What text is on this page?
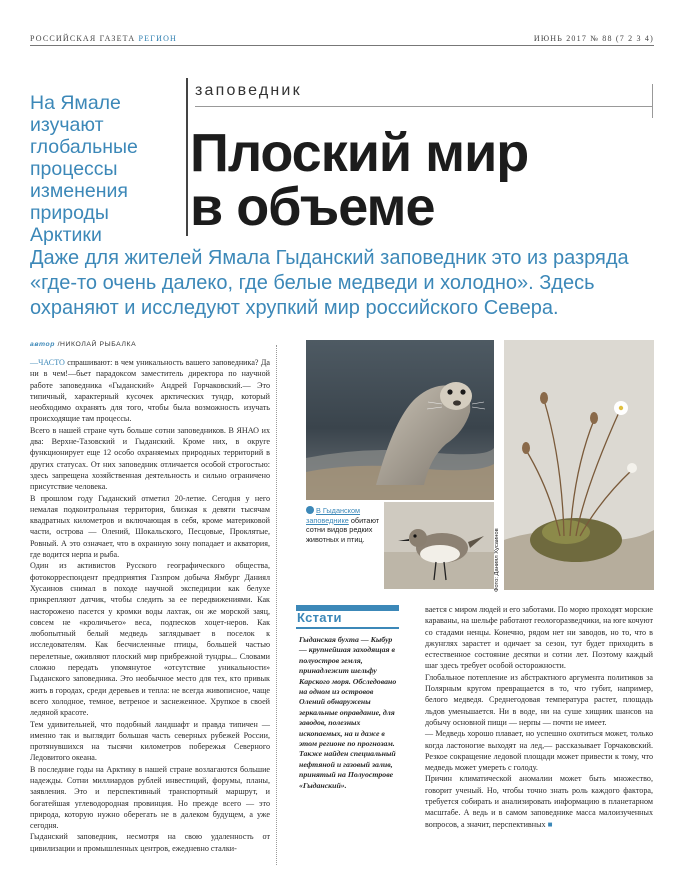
РОССИЙСКАЯ ГАЗЕТА РЕГИОН	ИЮНЬ 2017 № 88 (7 2 3 4)
На Ямале изучают глобальные процессы изменения природы Арктики
заповедник
Плоский мир
в объеме
Даже для жителей Ямала Гыданский заповедник это из разряда «где-то очень далеко, где белые медведи и холодно». Здесь охраняют и исследуют хрупкий мир российского Севера.
автор /НИКОЛАЙ РЫБАЛКА

—ЧАСТО спрашивают: в чем уникальность вашего заповедника? Да ни в чем!—бьет парадоксом заместитель директора по научной работе заповедника «Гыданский» Андрей Горчаковский.— Это типичный, характерный кусочек арктических тундр, который необходимо охранять для того, чтобы была возможность изучать происходящие там процессы.

Всего в нашей стране чуть больше сотни заповедников. В ЯНАО их два: Верхне-Тазовский и Гыданский. Кроме них, в округе функционирует еще 12 особо охраняемых природных территорий в других статусах. От них заповедник отличается особой строгостью: здесь запрещена хозяйственная деятельность и сильно ограничено присутствие человека.

В прошлом году Гыданский отметил 20-летие. Сегодня у него немалая подконтрольная территория, близкая к девяти тысячам квадратных километров и включающая в себя, кроме материковой части, острова — Олений, Шокальского, Песцовые, Проклятые, Ровный. А это означает, что в охранную зону попадает и акватория, где водится нерпа и рыба.

Один из активистов Русского географического общества, фотокорреспондент предприятия Газпром добыча Ямбург Даниял Хусаинов снимал в походе научной экспедиции как белухе прикрепляют датчик, чтобы следить за ее передвижениями. Как насторожено пасется у кромки воды лахтак, он же морской заяц, совсем не «кроличьего» веса, подпесков хоцет-неров. Как любопытный белый медведь заглядывает в поселок к исследователям. Как бесчисленные птицы, большей частью перелетные, оживляют плоский мир прибрежной тундры... Словами сложно передать упомянутое «отсутствие уникальности» Гыданского заповедника. Это необычное место для тех, кто привык жить в городах, среди деревьев и тепла: не всегда живописное, чаще всего холодное, темное, ветреное и заснеженное. Хрупкое в своей ледяной красоте.

Тем удивительней, что подобный ландшафт и правда типичен — именно так и выглядит большая часть северных рубежей России, протянувшихся на тысячи километров побережья Северного Ледовитого океана.

В последние годы на Арктику в нашей стране возлагаются большие надежды. Сотни миллиардов рублей инвестиций, форумы, планы, заявления. Это и перспективный транспортный маршрут, и богатейшая углеводородная провинция. Но прежде всего — это природа, которую нужно оберегать не в далеком будущем, а уже сегодня.

Гыданский заповедник, несмотря на свою удаленность от цивилизации и промышленных центров, ежедневно сталки-

В Гыданском заповеднике обитают сотни видов редких животных и птиц.	Фото: Даниял Хусаинов
Кстати
Гыданская бухта — Кыбур — крупнейшая заходящая в полуостров земля, принадлежит шельфу Карского моря. Обследовано на одном из островов Олений обнаружены зеркальные оправдание, для заводов, полезных ископаемых, на и даже в этом регионе по прогнозам. Также найден специальный нефтяной и газовый залив, принятый на Полуострове «Гыданский».

вается с миром людей и его заботами. По морю проходят морские караваны, на шельфе работают геологоразведчики, на юге кочуют со стадами ненцы. Конечно, рядом нет ни заводов, но то, что в джунглях зарастет и одичает за сезон, тут будет приходить в естественное состояние десятки и сотни лет. Поэтому каждый шаг здесь требует особой осторожности.

Глобальное потепление из абстрактного аргумента политиков за Полярным кругом превращается в то, что губит, например, белого медведя. Среднегодовая температура растет, площадь льдов уменьшается. Ни в воде, ни на суше хищник шансов на добычу основной пищи — нерпы — почти не имеет.

— Медведь хорошо плавает, но успешно охотиться может, только когда ластоногие выходят на лед,— рассказывает Горчаковский. Резкое сокращение ледовой площади может привести к тому, что медведь может умереть с голоду.

Причин климатической аномалии может быть множество, говорит ученый. Но, чтобы точно знать роль каждого фактора, требуется собирать и анализировать информацию в планетарном масштабе. А ведь и в самом заповеднике масса малоизученных вопросов, а значит, перспективных ■
